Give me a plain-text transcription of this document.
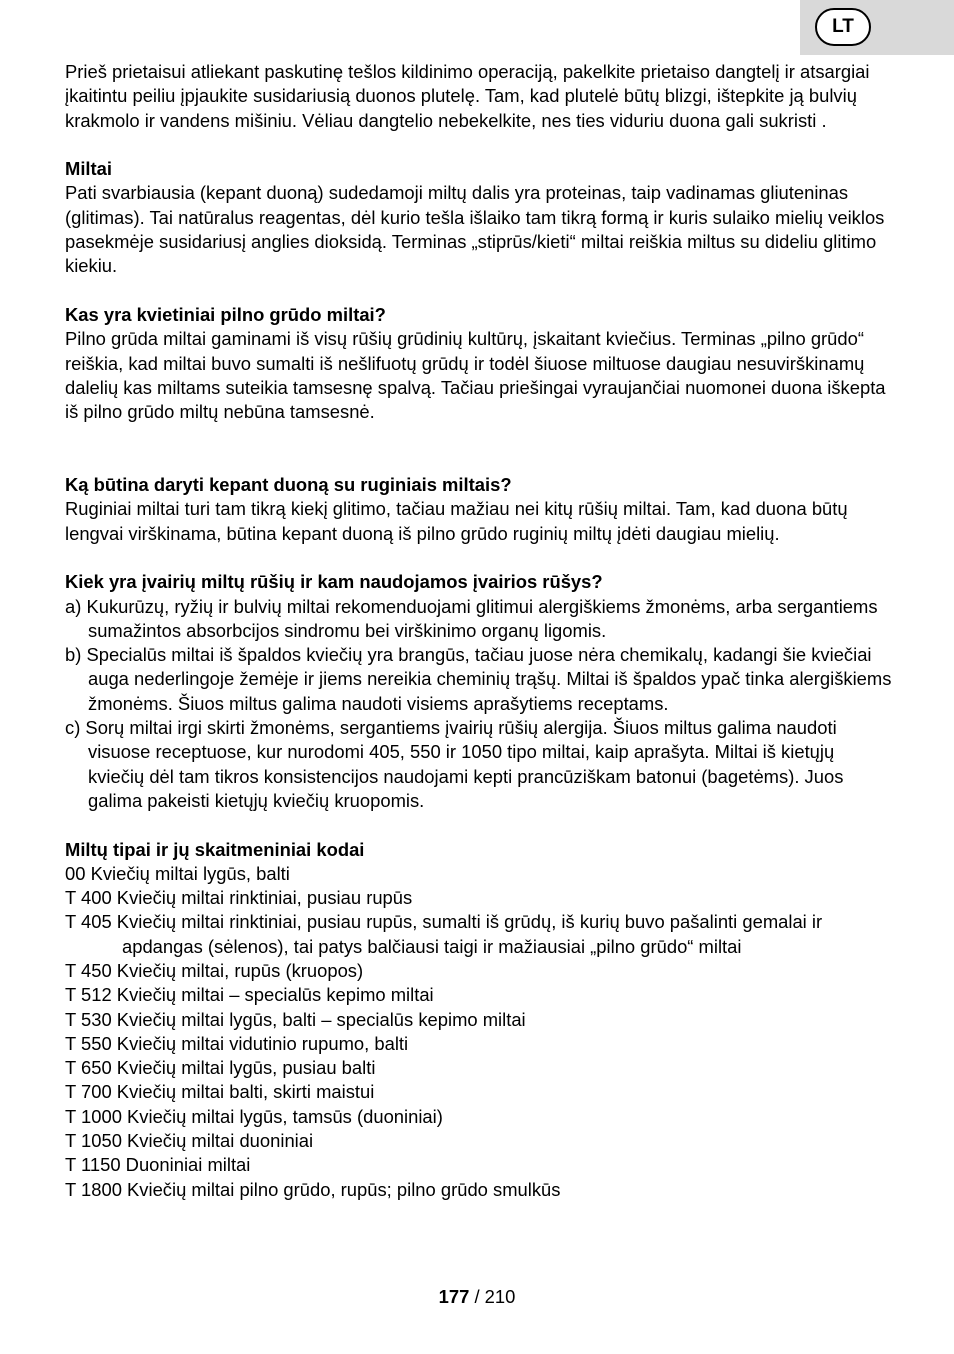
LT

Prieš prietaisui atliekant paskutinę tešlos kildinimo operaciją, pakelkite prietaiso dangtelį ir atsargiai įkaitintu peiliu įpjaukite susidariusią duonos plutelę. Tam, kad plutelė būtų blizgi, ištepkite ją bulvių krakmolo ir vandens mišiniu. Vėliau dangtelio nebekelkite, nes ties viduriu duona gali sukristi .

Miltai

Pati svarbiausia (kepant duoną) sudedamoji miltų dalis yra proteinas, taip vadinamas gliuteninas (glitimas). Tai natūralus reagentas, dėl kurio tešla išlaiko tam tikrą formą ir kuris sulaiko mielių veiklos pasekmėje susidariusį anglies dioksidą. Terminas „stiprūs/kieti“ miltai reiškia miltus su dideliu glitimo kiekiu.

Kas yra kvietiniai pilno grūdo miltai?

Pilno grūda miltai gaminami iš visų rūšių grūdinių kultūrų, įskaitant kviečius. Terminas „pilno grūdo“ reiškia, kad miltai buvo sumalti iš nešlifuotų grūdų ir todėl šiuose miltuose daugiau nesuvirškinamų dalelių kas miltams suteikia tamsesnę spalvą. Tačiau priešingai vyraujančiai nuomonei duona iškepta iš pilno grūdo miltų nebūna tamsesnė.

Ką būtina daryti kepant duoną su ruginiais miltais?

Ruginiai miltai turi tam tikrą kiekį glitimo, tačiau mažiau nei kitų rūšių miltai. Tam, kad duona būtų lengvai virškinama, būtina kepant duoną iš pilno grūdo ruginių miltų įdėti daugiau mielių.

Kiek yra įvairių miltų rūšių ir kam naudojamos įvairios rūšys?

a) Kukurūzų, ryžių ir bulvių miltai rekomenduojami glitimui alergiškiems žmonėms, arba sergantiems sumažintos absorbcijos sindromu bei virškinimo organų ligomis.

b) Specialūs miltai iš špaldos kviečių yra brangūs, tačiau juose nėra chemikalų, kadangi šie kviečiai auga nederlingoje žemėje ir jiems nereikia cheminių trąšų. Miltai iš špaldos ypač tinka alergiškiems žmonėms. Šiuos miltus galima naudoti visiems aprašytiems receptams.

c) Sorų miltai irgi skirti žmonėms, sergantiems įvairių rūšių alergija. Šiuos miltus galima naudoti visuose receptuose, kur nurodomi 405, 550 ir 1050 tipo miltai, kaip aprašyta. Miltai iš kietųjų kviečių dėl tam tikros konsistencijos naudojami kepti prancūziškam batonui (bagetėms). Juos galima pakeisti kietųjų kviečių kruopomis.

Miltų tipai ir jų skaitmeniniai kodai

00 Kviečių miltai lygūs, balti

T 400 Kviečių miltai rinktiniai, pusiau rupūs

T 405 Kviečių miltai rinktiniai, pusiau rupūs, sumalti iš grūdų, iš kurių buvo pašalinti gemalai ir apdangas (sėlenos), tai patys balčiausi taigi ir mažiausiai „pilno grūdo“ miltai

T 450 Kviečių miltai, rupūs (kruopos)

T 512 Kviečių miltai – specialūs kepimo miltai

T 530 Kviečių miltai lygūs, balti – specialūs kepimo miltai

T 550 Kviečių miltai vidutinio rupumo, balti

T 650 Kviečių miltai lygūs, pusiau balti

T 700 Kviečių miltai balti, skirti maistui

T 1000 Kviečių miltai lygūs, tamsūs (duoniniai)

T 1050 Kviečių miltai duoniniai

T 1150 Duoniniai miltai

T 1800 Kviečių miltai pilno grūdo, rupūs; pilno grūdo smulkūs

177 / 210
